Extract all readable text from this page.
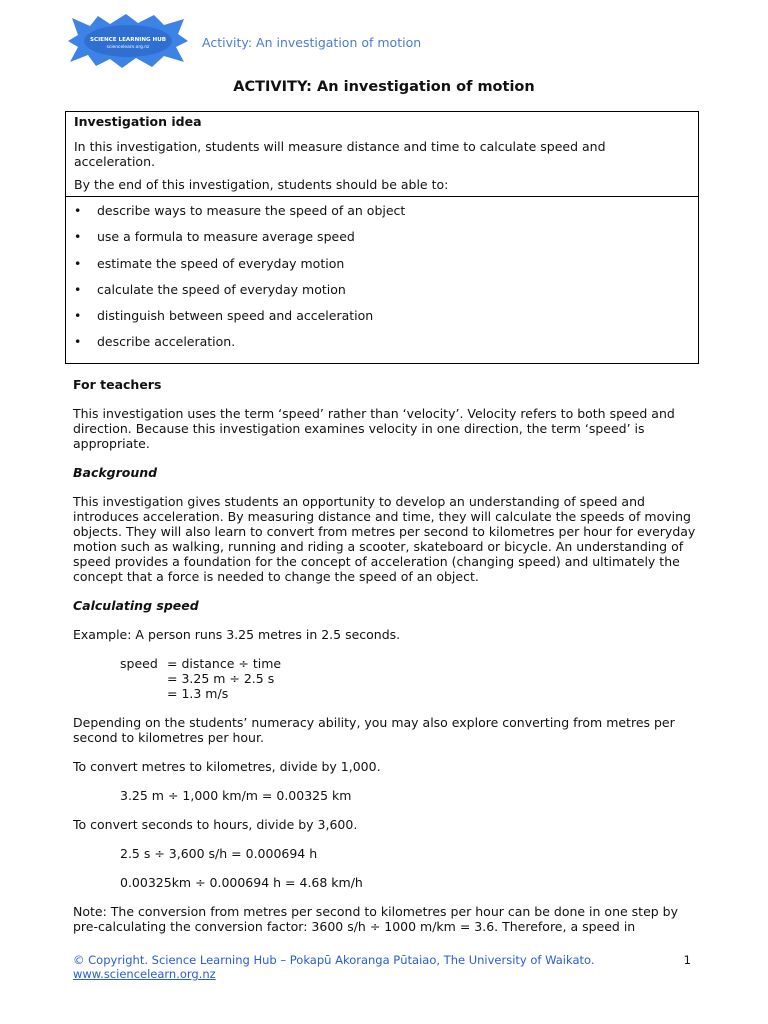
SCIENCE LEARNING HUB
sciencelearn.org.nz	Activity: An investigation of motion
ACTIVITY: An investigation of motion
Investigation idea

In this investigation, students will measure distance and time to calculate speed and acceleration.

By the end of this investigation, students should be able to:

• describe ways to measure the speed of an object
• use a formula to measure average speed
• estimate the speed of everyday motion
• calculate the speed of everyday motion
• distinguish between speed and acceleration
• describe acceleration.
For teachers

This investigation uses the term ‘speed’ rather than ‘velocity’. Velocity refers to both speed and direction. Because this investigation examines velocity in one direction, the term ‘speed’ is appropriate.

Background

This investigation gives students an opportunity to develop an understanding of speed and introduces acceleration. By measuring distance and time, they will calculate the speeds of moving objects. They will also learn to convert from metres per second to kilometres per hour for everyday motion such as walking, running and riding a scooter, skateboard or bicycle. An understanding of speed provides a foundation for the concept of acceleration (changing speed) and ultimately the concept that a force is needed to change the speed of an object.

Calculating speed

Example: A person runs 3.25 metres in 2.5 seconds.

speed = distance ÷ time
= 3.25 m ÷ 2.5 s
= 1.3 m/s

Depending on the students’ numeracy ability, you may also explore converting from metres per second to kilometres per hour.

To convert metres to kilometres, divide by 1,000.

3.25 m ÷ 1,000 km/m = 0.00325 km

To convert seconds to hours, divide by 3,600.

2.5 s ÷ 3,600 s/h = 0.000694 h

0.00325km ÷ 0.000694 h = 4.68 km/h

Note: The conversion from metres per second to kilometres per hour can be done in one step by pre-calculating the conversion factor: 3600 s/h ÷ 1000 m/km = 3.6. Therefore, a speed in

© Copyright. Science Learning Hub – Pokapū Akoranga Pūtaiao, The University of Waikato.
www.sciencelearn.org.nz
1
